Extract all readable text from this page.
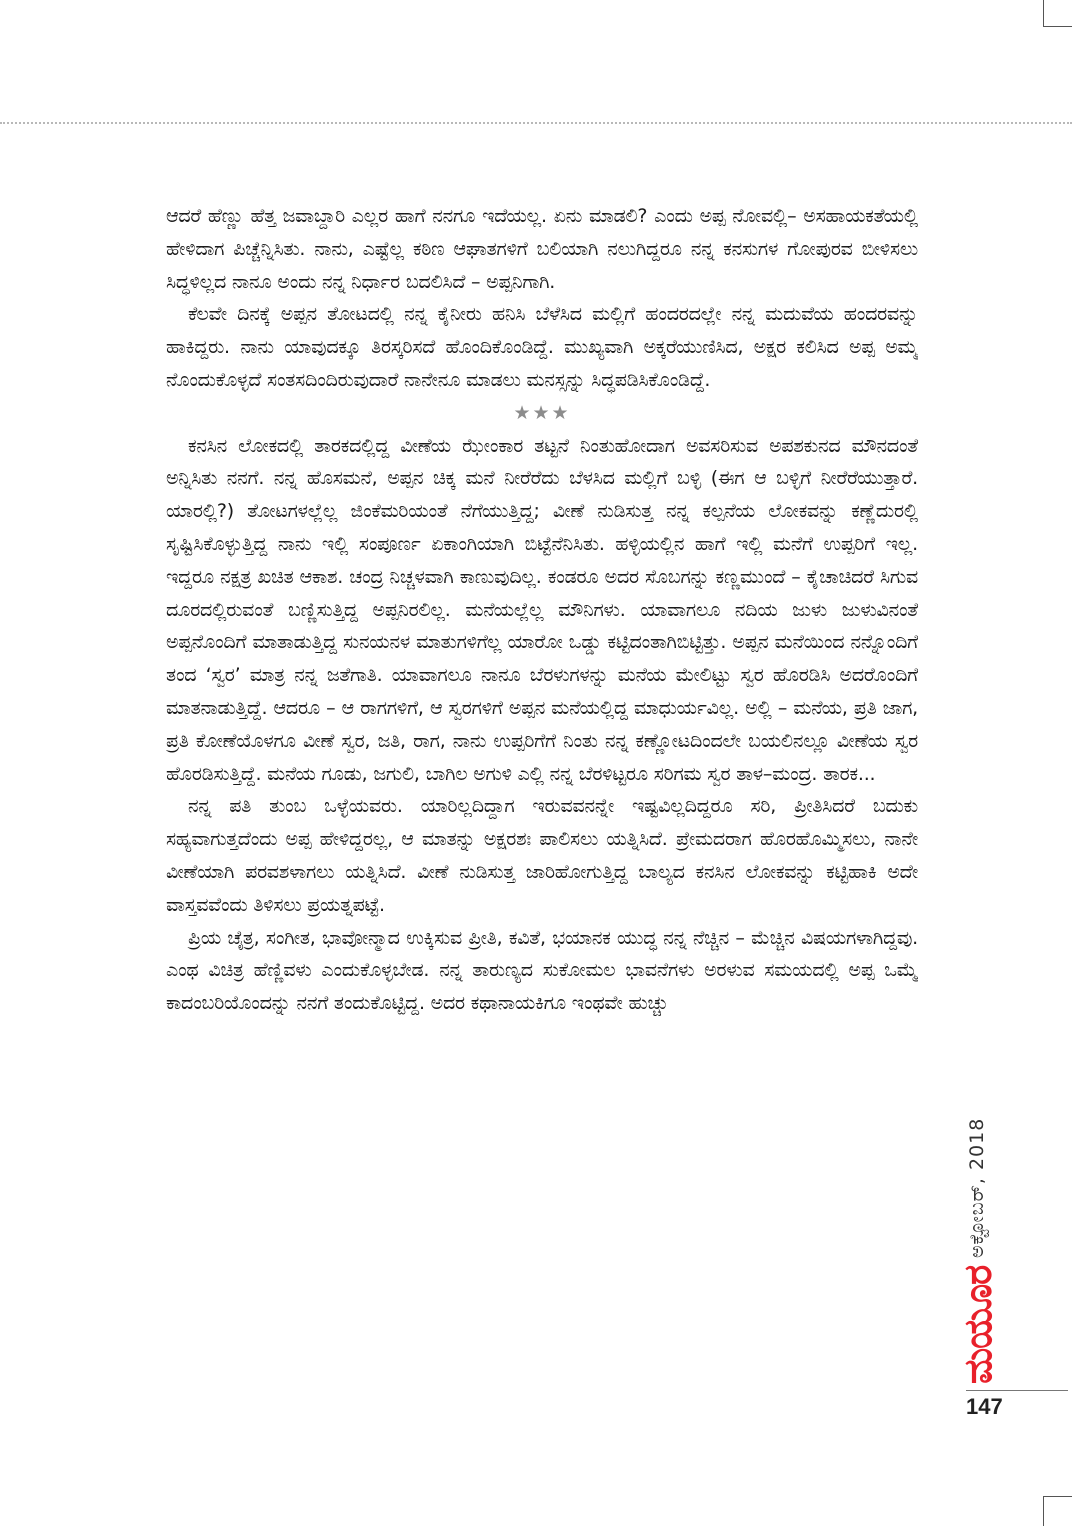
ಆದರೆ ಹೆಣ್ಣು ಹೆತ್ತ ಜವಾಬ್ದಾರಿ ಎಲ್ಲರ ಹಾಗೆ ನನಗೂ ಇದೆಯಲ್ಲ. ಏನು ಮಾಡಲಿ? ಎಂದು ಅಪ್ಪ ನೋವಲ್ಲಿ– ಅಸಹಾಯಕತೆಯಲ್ಲಿ ಹೇಳಿದಾಗ ಪಿಚ್ಚೆನ್ನಿಸಿತು. ನಾನು, ಎಷ್ಟೆಲ್ಲ ಕಠಿಣ ಆಘಾತಗಳಿಗೆ ಬಲಿಯಾಗಿ ನಲುಗಿದ್ದರೂ ನನ್ನ ಕನಸುಗಳ ಗೋಪುರವ ಬೀಳಿಸಲು ಸಿದ್ಧಳಿಲ್ಲದ ನಾನೂ ಅಂದು ನನ್ನ ನಿರ್ಧಾರ ಬದಲಿಸಿದೆ – ಅಪ್ಪನಿಗಾಗಿ.

ಕೆಲವೇ ದಿನಕ್ಕೆ ಅಪ್ಪನ ತೋಟದಲ್ಲಿ ನನ್ನ ಕೈನೀರು ಹನಿಸಿ ಬೆಳೆಸಿದ ಮಲ್ಲಿಗೆ ಹಂದರದಲ್ಲೇ ನನ್ನ ಮದುವೆಯ ಹಂದರವನ್ನು ಹಾಕಿದ್ದರು. ನಾನು ಯಾವುದಕ್ಕೂ ತಿರಸ್ಕರಿಸದೆ ಹೊಂದಿಕೊಂಡಿದ್ದೆ. ಮುಖ್ಯವಾಗಿ ಅಕ್ಕರೆಯುಣಿಸಿದ, ಅಕ್ಷರ ಕಲಿಸಿದ ಅಪ್ಪ ಅಮ್ಮ ನೊಂದುಕೊಳ್ಳದೆ ಸಂತಸದಿಂದಿರುವುದಾರೆ ನಾನೇನೂ ಮಾಡಲು ಮನಸ್ಸನ್ನು ಸಿದ್ಧಪಡಿಸಿಕೊಂಡಿದ್ದೆ.

★★★

ಕನಸಿನ ಲೋಕದಲ್ಲಿ ತಾರಕದಲ್ಲಿದ್ದ ವೀಣೆಯ ಝೇಂಕಾರ ತಟ್ಟನೆ ನಿಂತುಹೋದಾಗ ಅವಸರಿಸುವ ಅಪಶಕುನದ ಮೌನದಂತೆ ಅನ್ನಿಸಿತು ನನಗೆ. ನನ್ನ ಹೊಸಮನೆ, ಅಪ್ಪನ ಚಿಕ್ಕ ಮನೆ ನೀರೆರೆದು ಬೆಳಸಿದ ಮಲ್ಲಿಗೆ ಬಳ್ಳಿ (ಈಗ ಆ ಬಳ್ಳಿಗೆ ನೀರೆರೆಯುತ್ತಾರೆ. ಯಾರಲ್ಲಿ?) ತೋಟಗಳಲ್ಲೆಲ್ಲ ಜಿಂಕೆಮರಿಯಂತೆ ನೆಗೆಯುತ್ತಿದ್ದ; ವೀಣೆ ನುಡಿಸುತ್ತ ನನ್ನ ಕಲ್ಪನೆಯ ಲೋಕವನ್ನು ಕಣ್ಣೆದುರಲ್ಲಿ ಸೃಷ್ಟಿಸಿಕೊಳ್ಳುತ್ತಿದ್ದ ನಾನು ಇಲ್ಲಿ ಸಂಪೂರ್ಣ ಏಕಾಂಗಿಯಾಗಿ ಬಿಟ್ಟೆನೆನಿಸಿತು. ಹಳ್ಳಿಯಲ್ಲಿನ ಹಾಗೆ ಇಲ್ಲಿ ಮನೆಗೆ ಉಪ್ಪರಿಗೆ ಇಲ್ಲ. ಇದ್ದರೂ ನಕ್ಷತ್ರ ಖಚಿತ ಆಕಾಶ. ಚಂದ್ರ ನಿಚ್ಚಳವಾಗಿ ಕಾಣುವುದಿಲ್ಲ. ಕಂಡರೂ ಅದರ ಸೊಬಗನ್ನು ಕಣ್ಣಮುಂದೆ – ಕೈಚಾಚಿದರೆ ಸಿಗುವ ದೂರದಲ್ಲಿರುವಂತೆ ಬಣ್ಣಿಸುತ್ತಿದ್ದ ಅಪ್ಪನಿರಲಿಲ್ಲ. ಮನೆಯಲ್ಲೆಲ್ಲ ಮೌನಿಗಳು. ಯಾವಾಗಲೂ ನದಿಯ ಜುಳು ಜುಳುವಿನಂತೆ ಅಪ್ಪನೊಂದಿಗೆ ಮಾತಾಡುತ್ತಿದ್ದ ಸುನಯನಳ ಮಾತುಗಳಿಗೆಲ್ಲ ಯಾರೋ ಒಡ್ಡು ಕಟ್ಟಿದಂತಾಗಿಬಿಟ್ಟಿತ್ತು. ಅಪ್ಪನ ಮನೆಯಿಂದ ನನ್ನೊಂದಿಗೆ ತಂದ ‘ಸ್ವರ’ ಮಾತ್ರ ನನ್ನ ಜತೆಗಾತಿ. ಯಾವಾಗಲೂ ನಾನೂ ಬೆರಳುಗಳನ್ನು ಮನೆಯ ಮೇಲಿಟ್ಟು ಸ್ವರ ಹೊರಡಿಸಿ ಅದರೊಂದಿಗೆ ಮಾತನಾಡುತ್ತಿದ್ದೆ. ಆದರೂ – ಆ ರಾಗಗಳಿಗೆ, ಆ ಸ್ವರಗಳಿಗೆ ಅಪ್ಪನ ಮನೆಯಲ್ಲಿದ್ದ ಮಾಧುರ್ಯವಿಲ್ಲ. ಅಲ್ಲಿ – ಮನೆಯ, ಪ್ರತಿ ಜಾಗ, ಪ್ರತಿ ಕೋಣೆಯೊಳಗೂ ವೀಣೆ ಸ್ವರ, ಜತಿ, ರಾಗ, ನಾನು ಉಪ್ಪರಿಗೆಗೆ ನಿಂತು ನನ್ನ ಕಣ್ಣೋಟದಿಂದಲೇ ಬಯಲಿನಲ್ಲೂ ವೀಣೆಯ ಸ್ವರ ಹೊರಡಿಸುತ್ತಿದ್ದೆ. ಮನೆಯ ಗೂಡು, ಜಗುಲಿ, ಬಾಗಿಲ ಅಗುಳಿ ಎಲ್ಲಿ ನನ್ನ ಬೆರಳಿಟ್ಟರೂ ಸರಿಗಮ ಸ್ವರ ತಾಳ–ಮಂದ್ರ. ತಾರಕ...

ನನ್ನ ಪತಿ ತುಂಬ ಒಳ್ಳೆಯವರು. ಯಾರಿಲ್ಲದಿದ್ದಾಗ ಇರುವವನನ್ನೇ ಇಷ್ಟವಿಲ್ಲದಿದ್ದರೂ ಸರಿ, ಪ್ರೀತಿಸಿದರೆ ಬದುಕು ಸಹ್ಯವಾಗುತ್ತದೆಂದು ಅಪ್ಪ ಹೇಳಿದ್ದರಲ್ಲ, ಆ ಮಾತನ್ನು ಅಕ್ಷರಶಃ ಪಾಲಿಸಲು ಯತ್ನಿಸಿದೆ. ಪ್ರೇಮದರಾಗ ಹೊರಹೊಮ್ಮಿಸಲು, ನಾನೇ ವೀಣೆಯಾಗಿ ಪರವಶಳಾಗಲು ಯತ್ನಿಸಿದೆ. ವೀಣೆ ನುಡಿಸುತ್ತ ಜಾರಿಹೋಗುತ್ತಿದ್ದ ಬಾಲ್ಯದ ಕನಸಿನ ಲೋಕವನ್ನು ಕಟ್ಟಿಹಾಕಿ ಅದೇ ವಾಸ್ತವವೆಂದು ತಿಳಿಸಲು ಪ್ರಯತ್ನಪಟ್ಟೆ.

ಪ್ರಿಯ ಚೈತ್ರ, ಸಂಗೀತ, ಭಾವೋನ್ಮಾದ ಉಕ್ಕಿಸುವ ಪ್ರೀತಿ, ಕವಿತೆ, ಭಯಾನಕ ಯುದ್ಧ ನನ್ನ ನೆಚ್ಚಿನ – ಮೆಚ್ಚಿನ ವಿಷಯಗಳಾಗಿದ್ದವು. ಎಂಥ ವಿಚಿತ್ರ ಹೆಣ್ಣಿವಳು ಎಂದುಕೊಳ್ಳಬೇಡ. ನನ್ನ ತಾರುಣ್ಯದ ಸುಕೋಮಲ ಭಾವನೆಗಳು ಅರಳುವ ಸಮಯದಲ್ಲಿ ಅಪ್ಪ ಒಮ್ಮೆ ಕಾದಂಬರಿಯೊಂದನ್ನು ನನಗೆ ತಂದುಕೊಟ್ಟಿದ್ದ. ಅದರ ಕಥಾನಾಯಕಿಗೂ ಇಂಥವೇ ಹುಚ್ಚು

ಅಕ್ಟೋಬರ್, 2018
ಮಯೂರ
147
